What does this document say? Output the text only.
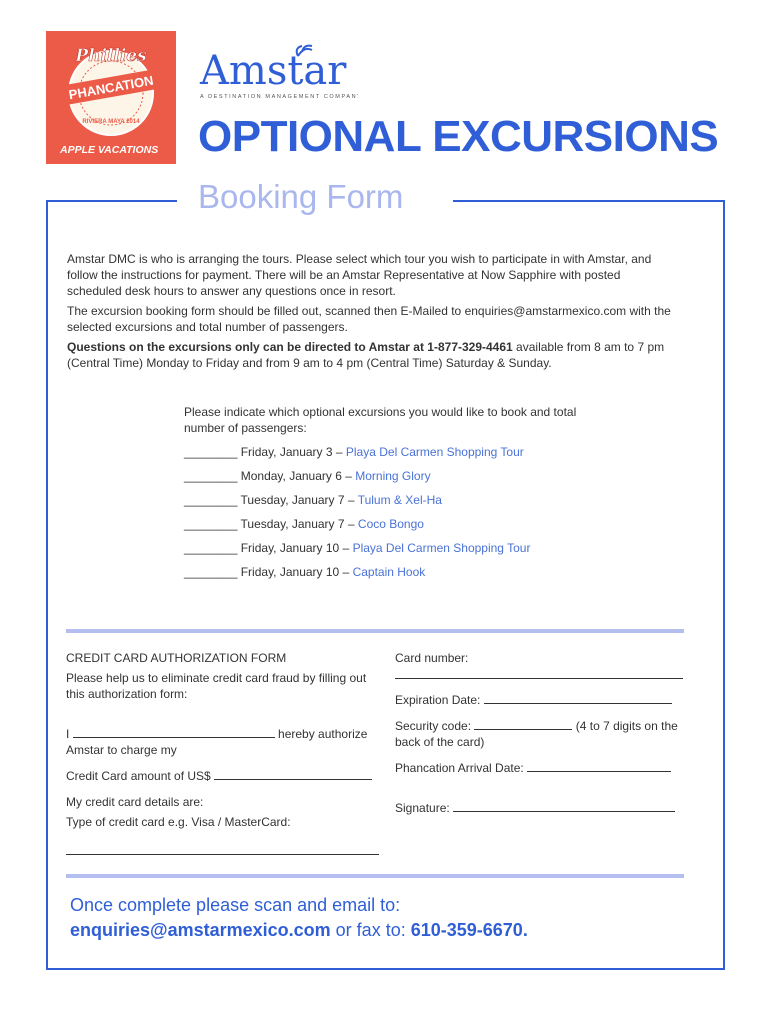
Phillies
PHANCATION
RIVIERA MAYA 2014
APPLE VACATIONS
Amstar
A DESTINATION MANAGEMENT COMPANY
OPTIONAL EXCURSIONS
Booking Form
Amstar DMC is who is arranging the tours. Please select which tour you wish to participate in with Amstar, and follow the instructions for payment. There will be an Amstar Representative at Now Sapphire with posted scheduled desk hours to answer any questions once in resort.
The excursion booking form should be filled out, scanned then E-Mailed to enquiries@amstarmexico.com with the selected excursions and total number of passengers.
Questions on the excursions only can be directed to Amstar at 1-877-329-4461 available from 8 am to 7 pm (Central Time) Monday to Friday and from 9 am to 4 pm (Central Time) Saturday & Sunday.
Please indicate which optional excursions you would like to book and total number of passengers:
________ Friday, January 3 – Playa Del Carmen Shopping Tour
________ Monday, January 6 – Morning Glory
________ Tuesday, January 7 – Tulum & Xel-Ha
________ Tuesday, January 7 – Coco Bongo
________ Friday, January 10 – Playa Del Carmen Shopping Tour
________ Friday, January 10 – Captain Hook
CREDIT CARD AUTHORIZATION FORM
Please help us to eliminate credit card fraud by filling out this authorization form:
I	hereby authorize
Amstar to charge my
Credit Card amount of US$
My credit card details are:
Type of credit card e.g. Visa / MasterCard:
Card number:
Expiration Date:
Security code:	(4 to 7 digits on the
back of the card)
Phancation Arrival Date:
Signature:
Once complete please scan and email to:
enquiries@amstarmexico.com or fax to: 610-359-6670.
